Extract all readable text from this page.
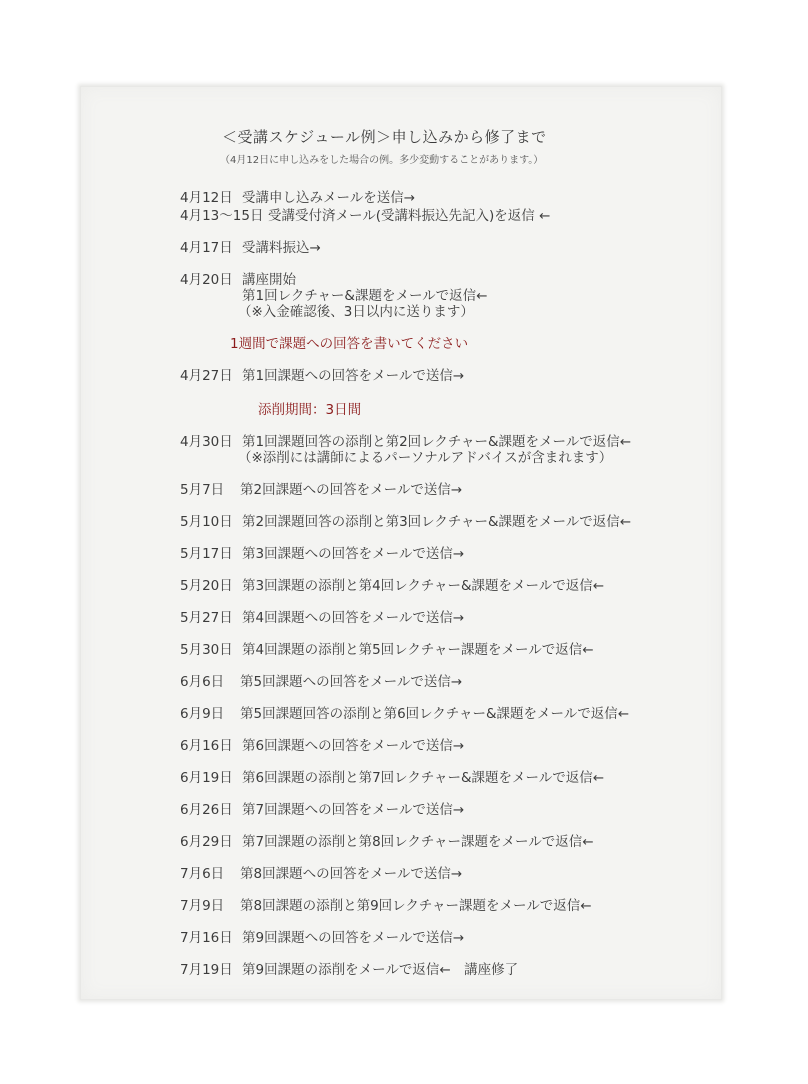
＜受講スケジュール例＞申し込みから修了まで
（4月12日に申し込みをした場合の例。多少変動することがあります。）
4月12日 受講申し込みメールを送信→
4月13～15日 受講受付済メール(受講料振込先記入)を返信 ←
4月17日 受講料振込→
4月20日 講座開始
第1回レクチャー&課題をメールで返信←
（※入金確認後、3日以内に送ります）
1週間で課題への回答を書いてください
4月27日 第1回課題への回答をメールで送信→
添削期間：3日間
4月30日 第1回課題回答の添削と第2回レクチャー&課題をメールで返信←
（※添削には講師によるパーソナルアドバイスが含まれます）
5月7日 第2回課題への回答をメールで送信→
5月10日 第2回課題回答の添削と第3回レクチャー&課題をメールで返信←
5月17日 第3回課題への回答をメールで送信→
5月20日 第3回課題の添削と第4回レクチャー&課題をメールで返信←
5月27日 第4回課題への回答をメールで送信→
5月30日 第4回課題の添削と第5回レクチャー課題をメールで返信←
6月6日 第5回課題への回答をメールで送信→
6月9日 第5回課題回答の添削と第6回レクチャー&課題をメールで返信←
6月16日 第6回課題への回答をメールで送信→
6月19日 第6回課題の添削と第7回レクチャー&課題をメールで返信←
6月26日 第7回課題への回答をメールで送信→
6月29日 第7回課題の添削と第8回レクチャー課題をメールで返信←
7月6日 第8回課題への回答をメールで送信→
7月9日 第8回課題の添削と第9回レクチャー課題をメールで返信←
7月16日 第9回課題への回答をメールで送信→
7月19日 第9回課題の添削をメールで返信←　講座修了
